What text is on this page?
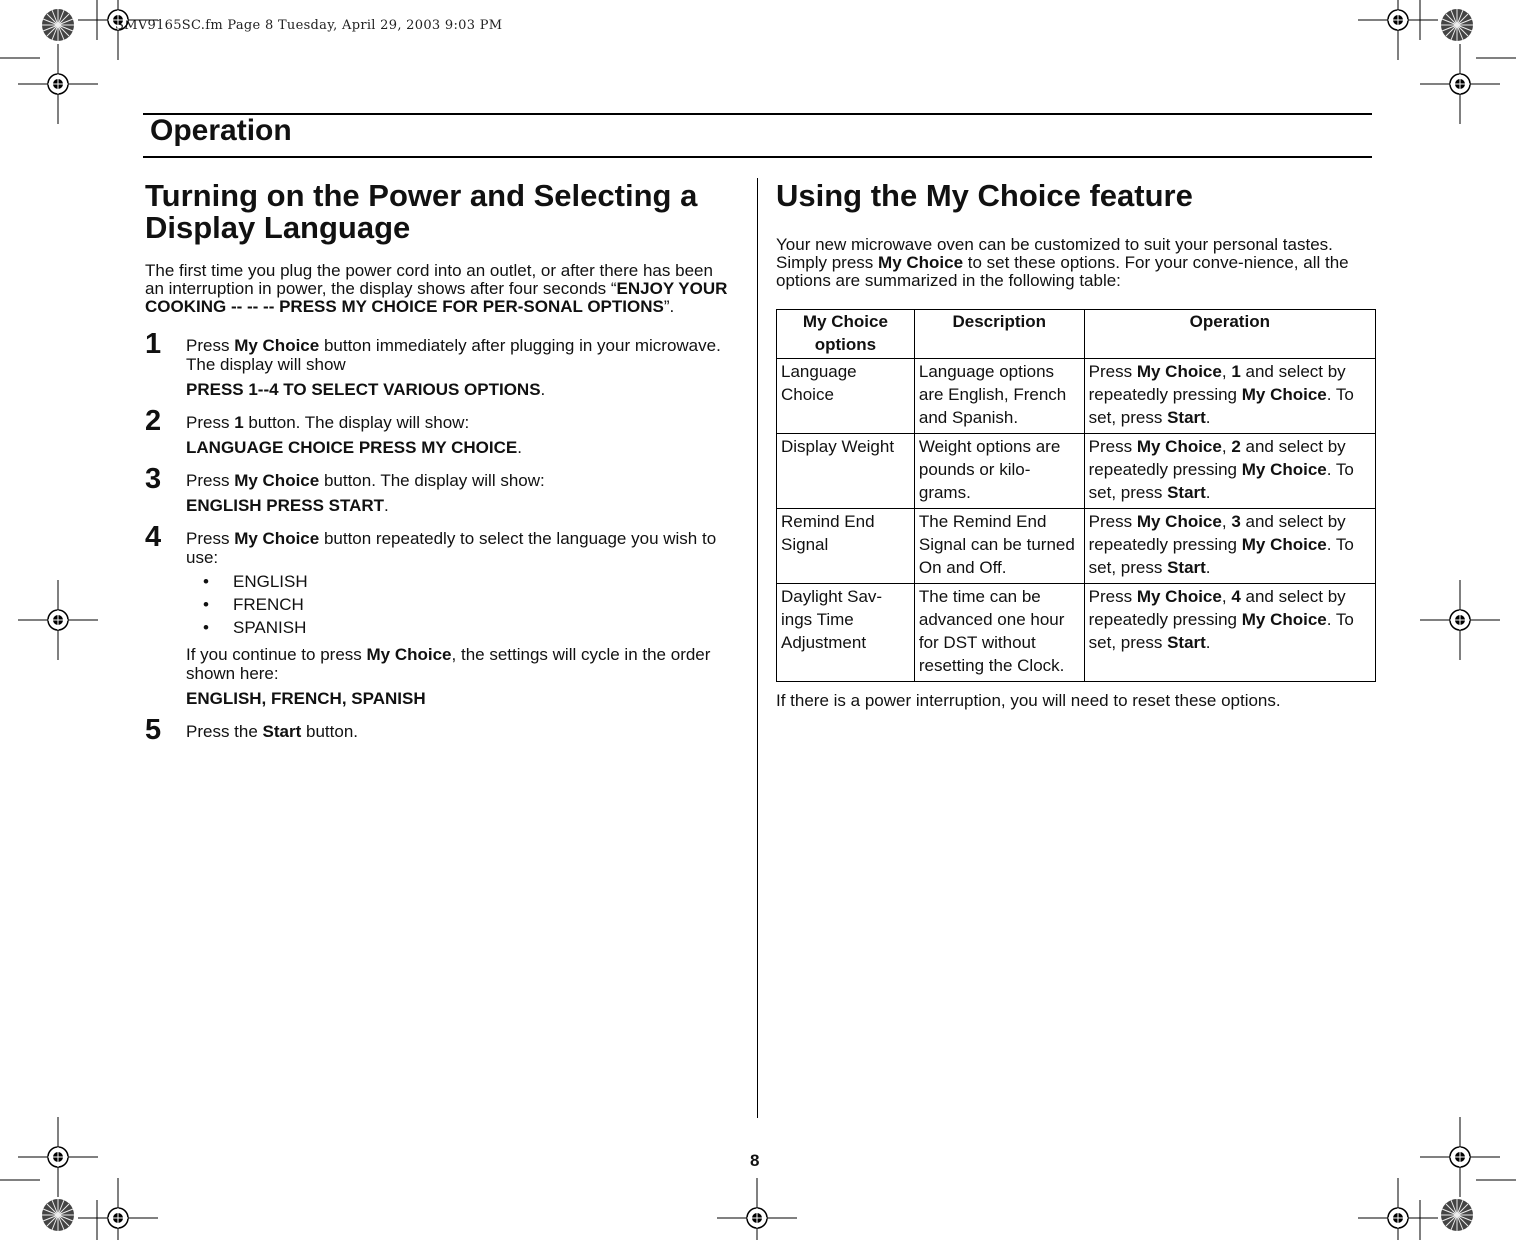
SMV9165SC.fm Page 8 Tuesday, April 29, 2003 9:03 PM
Operation
Turning on the Power and Selecting a Display Language

The first time you plug the power cord into an outlet, or after there has been an interruption in power, the display shows after four seconds “ENJOY YOUR COOKING -- -- -- PRESS MY CHOICE FOR PER-SONAL OPTIONS”.

1 Press My Choice button immediately after plugging in your microwave. The display will show

PRESS 1--4 TO SELECT VARIOUS OPTIONS.

2 Press 1 button. The display will show:

LANGUAGE CHOICE PRESS MY CHOICE.

3 Press My Choice button. The display will show:

ENGLISH PRESS START.

4 Press My Choice button repeatedly to select the language you wish to use:

• ENGLISH
• FRENCH
• SPANISH

If you continue to press My Choice, the settings will cycle in the order shown here:

ENGLISH, FRENCH, SPANISH

5 Press the Start button.

Using the My Choice feature

Your new microwave oven can be customized to suit your personal tastes. Simply press My Choice to set these options. For your conve-nience, all the options are summarized in the following table:

My Choice options	Description	Operation
Language Choice	Language options are English, French and Spanish.	Press My Choice, 1 and select by repeatedly pressing My Choice. To set, press Start.
Display Weight	Weight options are pounds or kilo-grams.	Press My Choice, 2 and select by repeatedly pressing My Choice. To set, press Start.
Remind End Signal	The Remind End Signal can be turned On and Off.	Press My Choice, 3 and select by repeatedly pressing My Choice. To set, press Start.
Daylight Sav-ings Time Adjustment	The time can be advanced one hour for DST without resetting the Clock.	Press My Choice, 4 and select by repeatedly pressing My Choice. To set, press Start.

If there is a power interruption, you will need to reset these options.

8
